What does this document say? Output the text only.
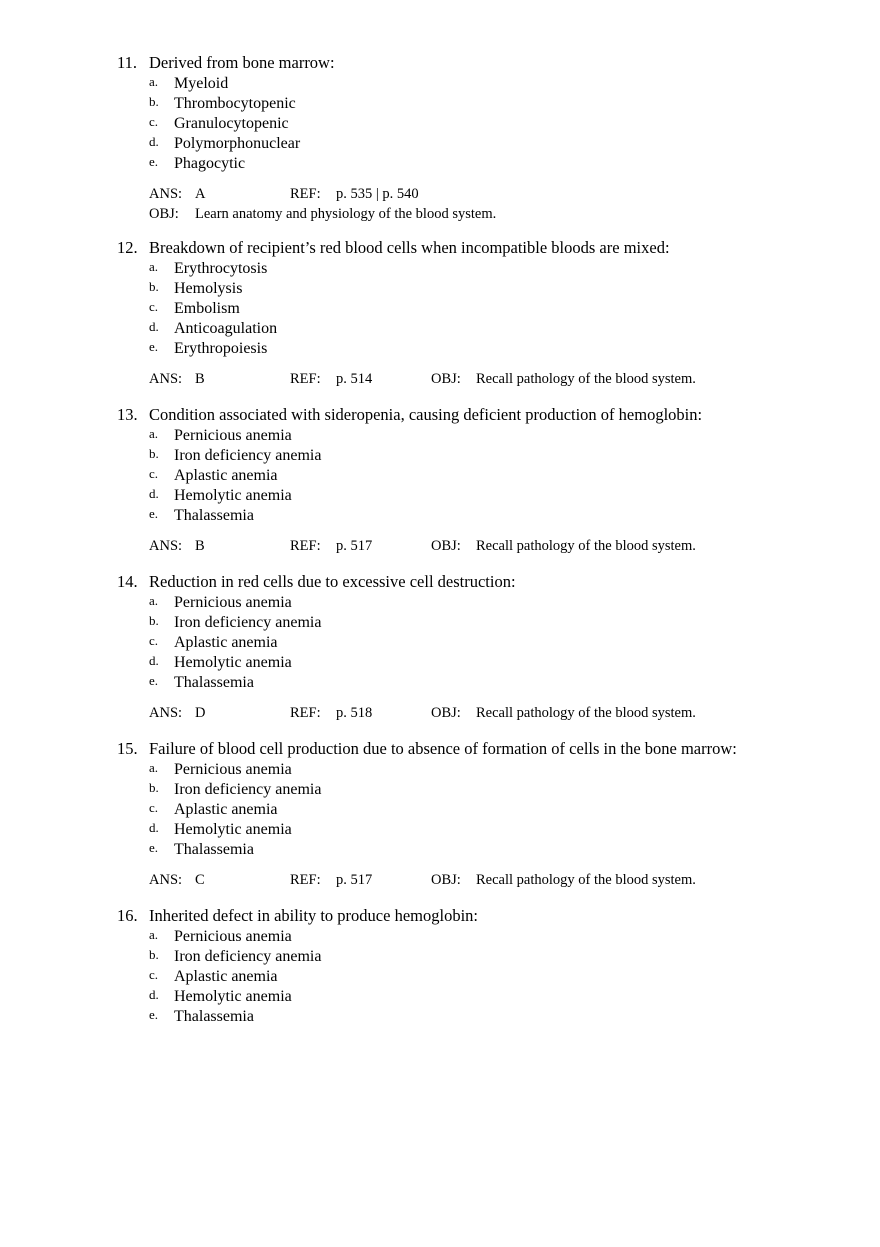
11. Derived from bone marrow:
a. Myeloid
b. Thrombocytopenic
c. Granulocytopenic
d. Polymorphonuclear
e. Phagocytic
ANS: A	REF: p. 535 | p. 540
OBJ: Learn anatomy and physiology of the blood system.
12. Breakdown of recipient’s red blood cells when incompatible bloods are mixed:
a. Erythrocytosis
b. Hemolysis
c. Embolism
d. Anticoagulation
e. Erythropoiesis
ANS: B	REF: p. 514	OBJ: Recall pathology of the blood system.
13. Condition associated with sideropenia, causing deficient production of hemoglobin:
a. Pernicious anemia
b. Iron deficiency anemia
c. Aplastic anemia
d. Hemolytic anemia
e. Thalassemia
ANS: B	REF: p. 517	OBJ: Recall pathology of the blood system.
14. Reduction in red cells due to excessive cell destruction:
a. Pernicious anemia
b. Iron deficiency anemia
c. Aplastic anemia
d. Hemolytic anemia
e. Thalassemia
ANS: D	REF: p. 518	OBJ: Recall pathology of the blood system.
15. Failure of blood cell production due to absence of formation of cells in the bone marrow:
a. Pernicious anemia
b. Iron deficiency anemia
c. Aplastic anemia
d. Hemolytic anemia
e. Thalassemia
ANS: C	REF: p. 517	OBJ: Recall pathology of the blood system.
16. Inherited defect in ability to produce hemoglobin:
a. Pernicious anemia
b. Iron deficiency anemia
c. Aplastic anemia
d. Hemolytic anemia
e. Thalassemia
